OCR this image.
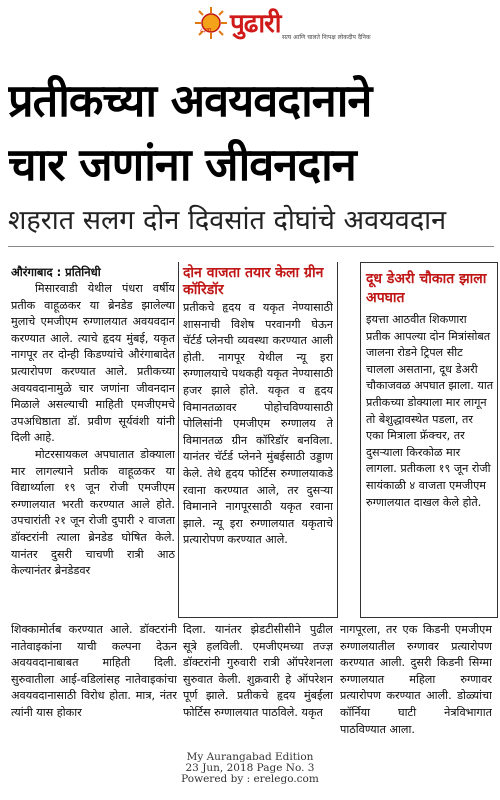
८३वा पुढारी सत्य आणि चालते निःपक्ष लोकदीप दैनिक
प्रतीकच्या अवयवदानाने
चार जणांना जीवनदान
शहरात सलग दोन दिवसांत दोघांचे अवयवदान
औरंगाबाद : प्रतिनिधी

मिसारवाडी येथील पंधरा वर्षीय प्रतीक वाहूळकर या ब्रेनडेड झालेल्या मुलाचे एमजीएम रुग्णालयात अवयवदान करण्यात आले. त्याचे हृदय मुंबई, यकृत नागपूर तर दोन्ही किडण्यांचे औरंगाबादेत प्रत्यारोपण करण्यात आले. प्रतीकच्या अवयवदानामुळे चार जणांना जीवनदान मिळाले असल्याची माहिती एमजीएमचे उपअधिष्ठाता डॉ. प्रवीण सूर्यवंशी यांनी दिली आहे.

मोटरसायकल अपघातात डोक्याला मार लागल्याने प्रतीक वाहूळकर या विद्यार्थ्याला १९ जून रोजी एमजीएम रुग्णालयात भरती करण्यात आले होते. उपचारांती २१ जून रोजी दुपारी २ वाजता डॉक्टरांनी त्याला ब्रेनडेड घोषित केले. यानंतर दुसरी चाचणी रात्री आठ केल्यानंतर ब्रेनडेडवर

दोन वाजता तयार केला ग्रीन कॉरिडॉर
प्रतीकचे हृदय व यकृत नेण्यासाठी शासनाची विशेष परवानगी घेऊन चॅर्टर्ड प्लेनची व्यवस्था करण्यात आली होती. नागपूर येथील न्यू इरा रुग्णालयाचे पथकही यकृत नेण्यासाठी हजर झाले होते. यकृत व हृदय विमानतळावर पोहोचविण्यासाठी पोलिसांनी एमजीएम रुग्णालय ते विमानतळ ग्रीन कॉरिडॉर बनविला. यानंतर चॅर्टर्ड प्लेनने मुंबईसाठी उड्डाण केले. तेथे हृदय फोर्टिस रुग्णालयाकडे रवाना करण्यात आले, तर दुसऱ्या विमानाने नागपूरसाठी यकृत रवाना झाले. न्यू इरा रुग्णालयात यकृताचे प्रत्यारोपण करण्यात आले.
दूध डेअरी चौकात झाला अपघात
इयत्ता आठवीत शिकणारा प्रतीक आपल्या दोन मित्रांसोबत जालना रोडने ट्रिपल सीट चालला असताना, दूध डेअरी चौकाजवळ अपघात झाला. यात प्रतीकच्या डोक्याला मार लागून तो बेशुद्धावस्थेत पडला, तर एका मित्राला फ्रॅक्चर, तर दुसऱ्याला किरकोळ मार लागला. प्रतीकला १९ जून रोजी सायंकाळी ४ वाजता एमजीएम रुग्णालयात दाखल केले होते.
शिक्कामोर्तब करण्यात आले. डॉक्टरांनी नातेवाइकांना याची कल्पना देऊन अवयवदानाबाबत माहिती दिली. सुरुवातीला आई-वडिलांसह नातेवाइकांचा अवयवदानासाठी विरोध होता. मात्र, नंतर त्यांनी यास होकार
दिला. यानंतर झेडटीसीसीने पुढील सूत्रे हलविली. एमजीएमच्या तज्ज्ञ डॉक्टरांनी गुरुवारी रात्री ऑपरेशनला सुरुवात केली. शुक्रवारी हे ऑपरेशन पूर्ण झाले. प्रतीकचे हृदय मुंबईला फोर्टिस रुग्णालयात पाठविले. यकृत
नागपूरला, तर एक किडनी एमजीएम रुग्णालयातील रुग्णावर प्रत्यारोपण करण्यात आली. दुसरी किडनी सिग्मा रुग्णालयात महिला रुग्णावर प्रत्यारोपण करण्यात आली. डोळ्यांचा कॉर्निया घाटी नेत्रविभागात पाठविण्यात आला.
My Aurangabad Edition
23 Jun, 2018 Page No. 3
Powered by : erelego.com
